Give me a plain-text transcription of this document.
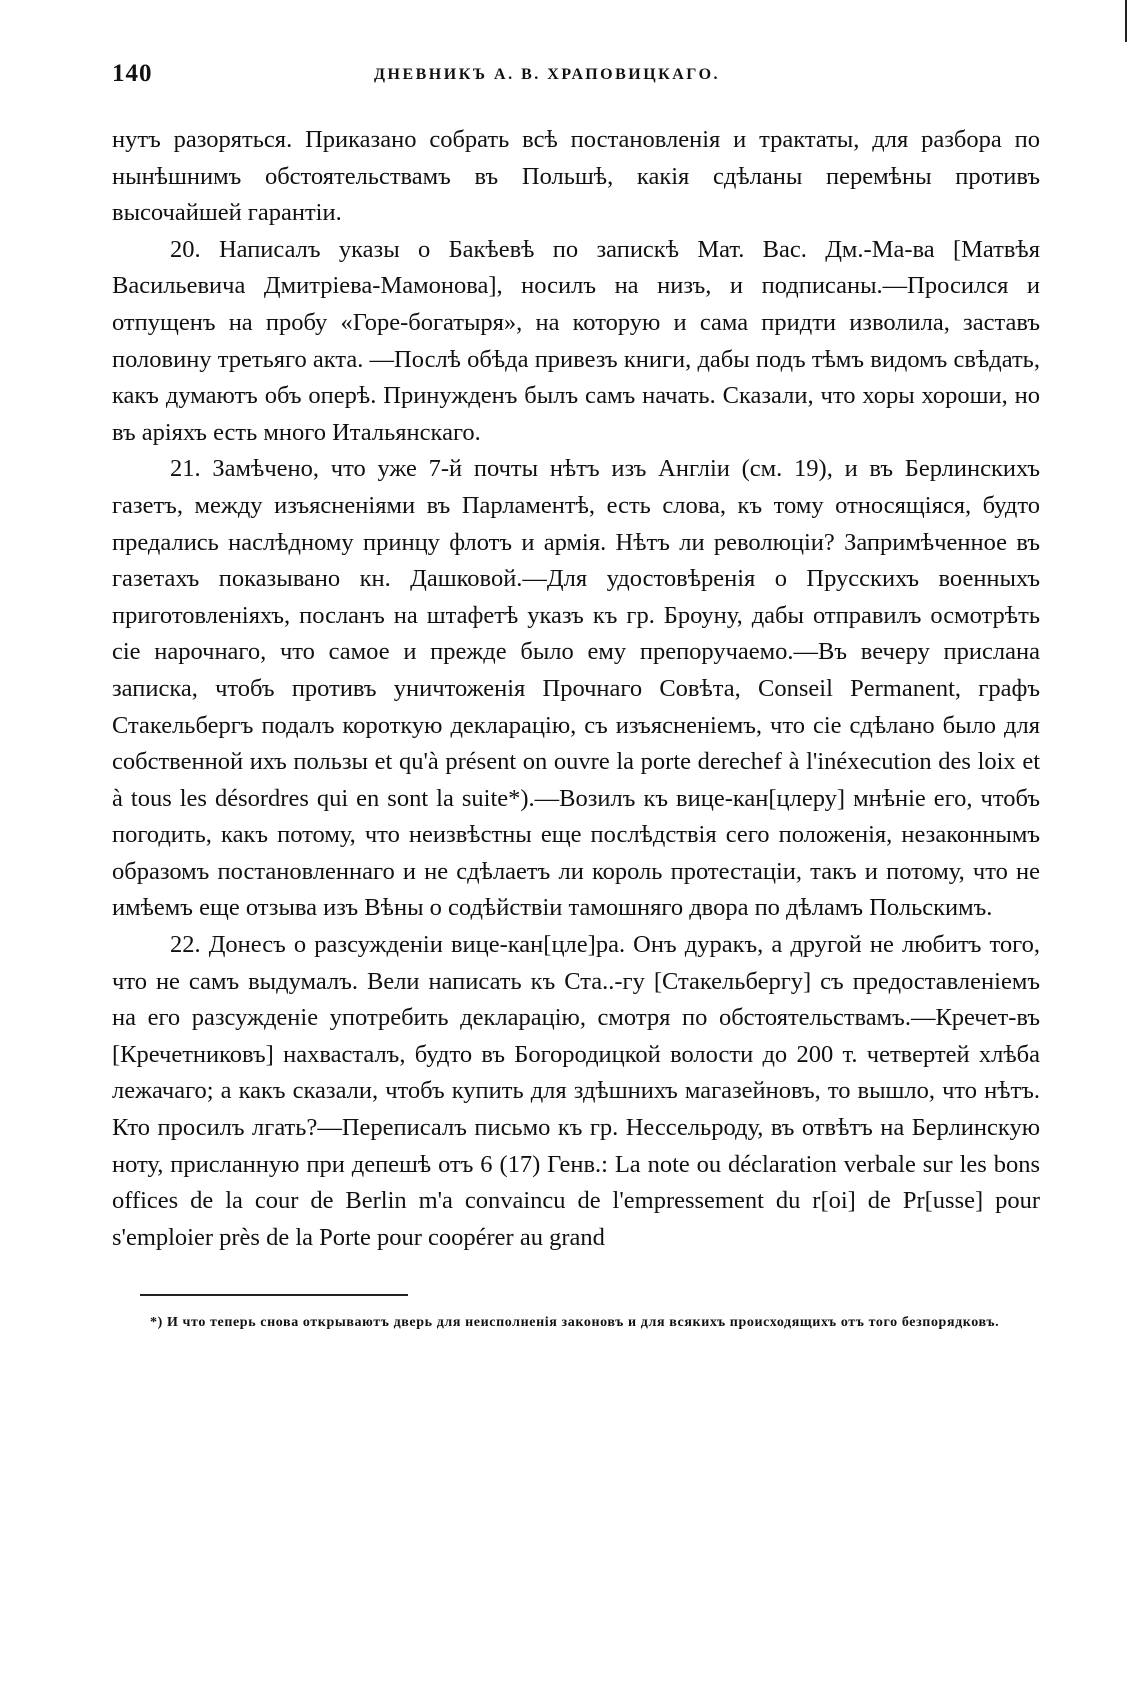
140	ДНЕВНИКЪ А. В. ХРАПОВИЦКАГО.

нутъ разоряться. Приказано собрать всѣ постановленія и трактаты, для разбора по нынѣшнимъ обстоятельствамъ въ Польшѣ, какія сдѣланы перемѣны противъ высочайшей гарантіи.

20. Написалъ указы о Бакѣевѣ по запискѣ Мат. Вас. Дм.-Ма-ва [Матвѣя Васильевича Дмитріева-Мамонова], носилъ на низъ, и подписаны.—Просился и отпущенъ на пробу «Горе-богатыря», на которую и сама придти изволила, заставъ половину третьяго акта. —Послѣ обѣда привезъ книги, дабы подъ тѣмъ видомъ свѣдать, какъ думаютъ объ оперѣ. Принужденъ былъ самъ начать. Сказали, что хоры хороши, но въ аріяхъ есть много Итальянскаго.

21. Замѣчено, что уже 7-й почты нѣтъ изъ Англіи (см. 19), и въ Берлинскихъ газетъ, между изъясненіями въ Парламентѣ, есть слова, къ тому относящіяся, будто предались наслѣдному принцу флотъ и армія. Нѣтъ ли революціи? Запримѣченное въ газетахъ показывано кн. Дашковой.—Для удостовѣренія о Прусскихъ военныхъ приготовленіяхъ, посланъ на штафетѣ указъ къ гр. Броуну, дабы отправилъ осмотрѣть сіе нарочнаго, что самое и прежде было ему препоручаемо.—Въ вечеру прислана записка, чтобъ противъ уничтоженія Прочнаго Совѣта, Conseil Permanent, графъ Стакельбергъ подалъ короткую декларацію, съ изъясненіемъ, что сіе сдѣлано было для собственной ихъ пользы et qu'à présent on ouvre la porte derechef à l'inéxecution des loix et à tous les désordres qui en sont la suite*).—Возилъ къ вице-кан[цлеру] мнѣніе его, чтобъ погодить, какъ потому, что неизвѣстны еще послѣдствія сего положенія, незаконнымъ образомъ постановленнаго и не сдѣлаетъ ли король протестаціи, такъ и потому, что не имѣемъ еще отзыва изъ Вѣны о содѣйствіи тамошняго двора по дѣламъ Польскимъ.

22. Донесъ о разсужденіи вице-кан[цле]ра. Онъ дуракъ, а другой не любитъ того, что не самъ выдумалъ. Вели написать къ Ста..-гу [Стакельбергу] съ предоставленіемъ на его разсужденіе употребить декларацію, смотря по обстоятельствамъ.—Кречет-въ [Кречетниковъ] нахвасталъ, будто въ Богородицкой волости до 200 т. четвертей хлѣба лежачаго; а какъ сказали, чтобъ купить для здѣшнихъ магазейновъ, то вышло, что нѣтъ. Кто просилъ лгать?—Переписалъ письмо къ гр. Нессельроду, въ отвѣтъ на Берлинскую ноту, присланную при депешѣ отъ 6 (17) Генв.: La note ou déclaration verbale sur les bons offices de la cour de Berlin m'a convaincu de l'empressement du r[oi] de Pr[usse] pour s'emploier près de la Porte pour coopérer au grand

*) И что теперь снова открываютъ дверь для неисполненія законовъ и для всякихъ происходящихъ отъ того безпорядковъ.
